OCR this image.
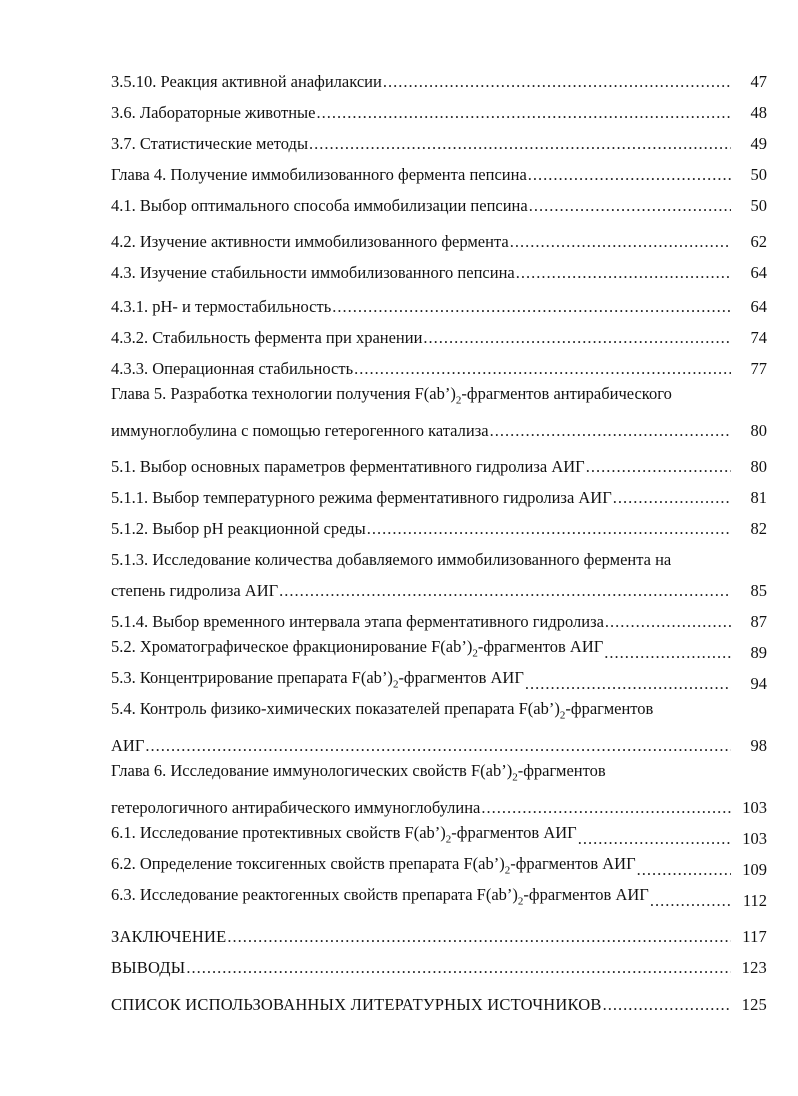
3.5.10. Реакция активной анафилаксии .....	47
3.6. Лабораторные животные .....	48
3.7. Статистические методы .....	49
Глава 4. Получение иммобилизованного фермента пепсина .....	50
4.1. Выбор оптимального способа иммобилизации пепсина .....	50
4.2. Изучение активности иммобилизованного фермента .....	62
4.3. Изучение стабильности иммобилизованного пепсина .....	64
4.3.1. рН- и термостабильность .....	64
4.3.2. Стабильность фермента при хранении .....	74
4.3.3. Операционная стабильность .....	77
Глава 5. Разработка технологии получения $F(ab’)_2$-фрагментов антирабического
иммуноглобулина с помощью гетерогенного катализа .....	80
5.1. Выбор основных параметров ферментативного гидролиза АИГ .....	80
5.1.1. Выбор температурного режима ферментативного гидролиза АИГ .....	81
5.1.2. Выбор рН реакционной среды .....	82
5.1.3. Исследование количества добавляемого иммобилизованного фермента на
степень гидролиза АИГ .....	85
5.1.4. Выбор временного интервала этапа ферментативного гидролиза .....	87
5.2. Хроматографическое фракционирование $F(ab’)_2$-фрагментов АИГ .....	89
5.3. Концентрирование препарата $F(ab’)_2$-фрагментов АИГ .....	94
5.4. Контроль физико-химических показателей препарата $F(ab’)_2$-фрагментов
АИГ .....	98
Глава 6. Исследование иммунологических свойств $F(ab’)_2$-фрагментов
гетерологичного антирабического иммуноглобулина .....	103
6.1. Исследование протективных свойств $F(ab’)_2$-фрагментов АИГ .....	103
6.2. Определение токсигенных свойств препарата $F(ab’)_2$-фрагментов АИГ .....	109
6.3. Исследование реактогенных свойств препарата $F(ab’)_2$-фрагментов АИГ .....	112
ЗАКЛЮЧЕНИЕ .....	117
ВЫВОДЫ .....	123
СПИСОК ИСПОЛЬЗОВАННЫХ ЛИТЕРАТУРНЫХ ИСТОЧНИКОВ .....	125
